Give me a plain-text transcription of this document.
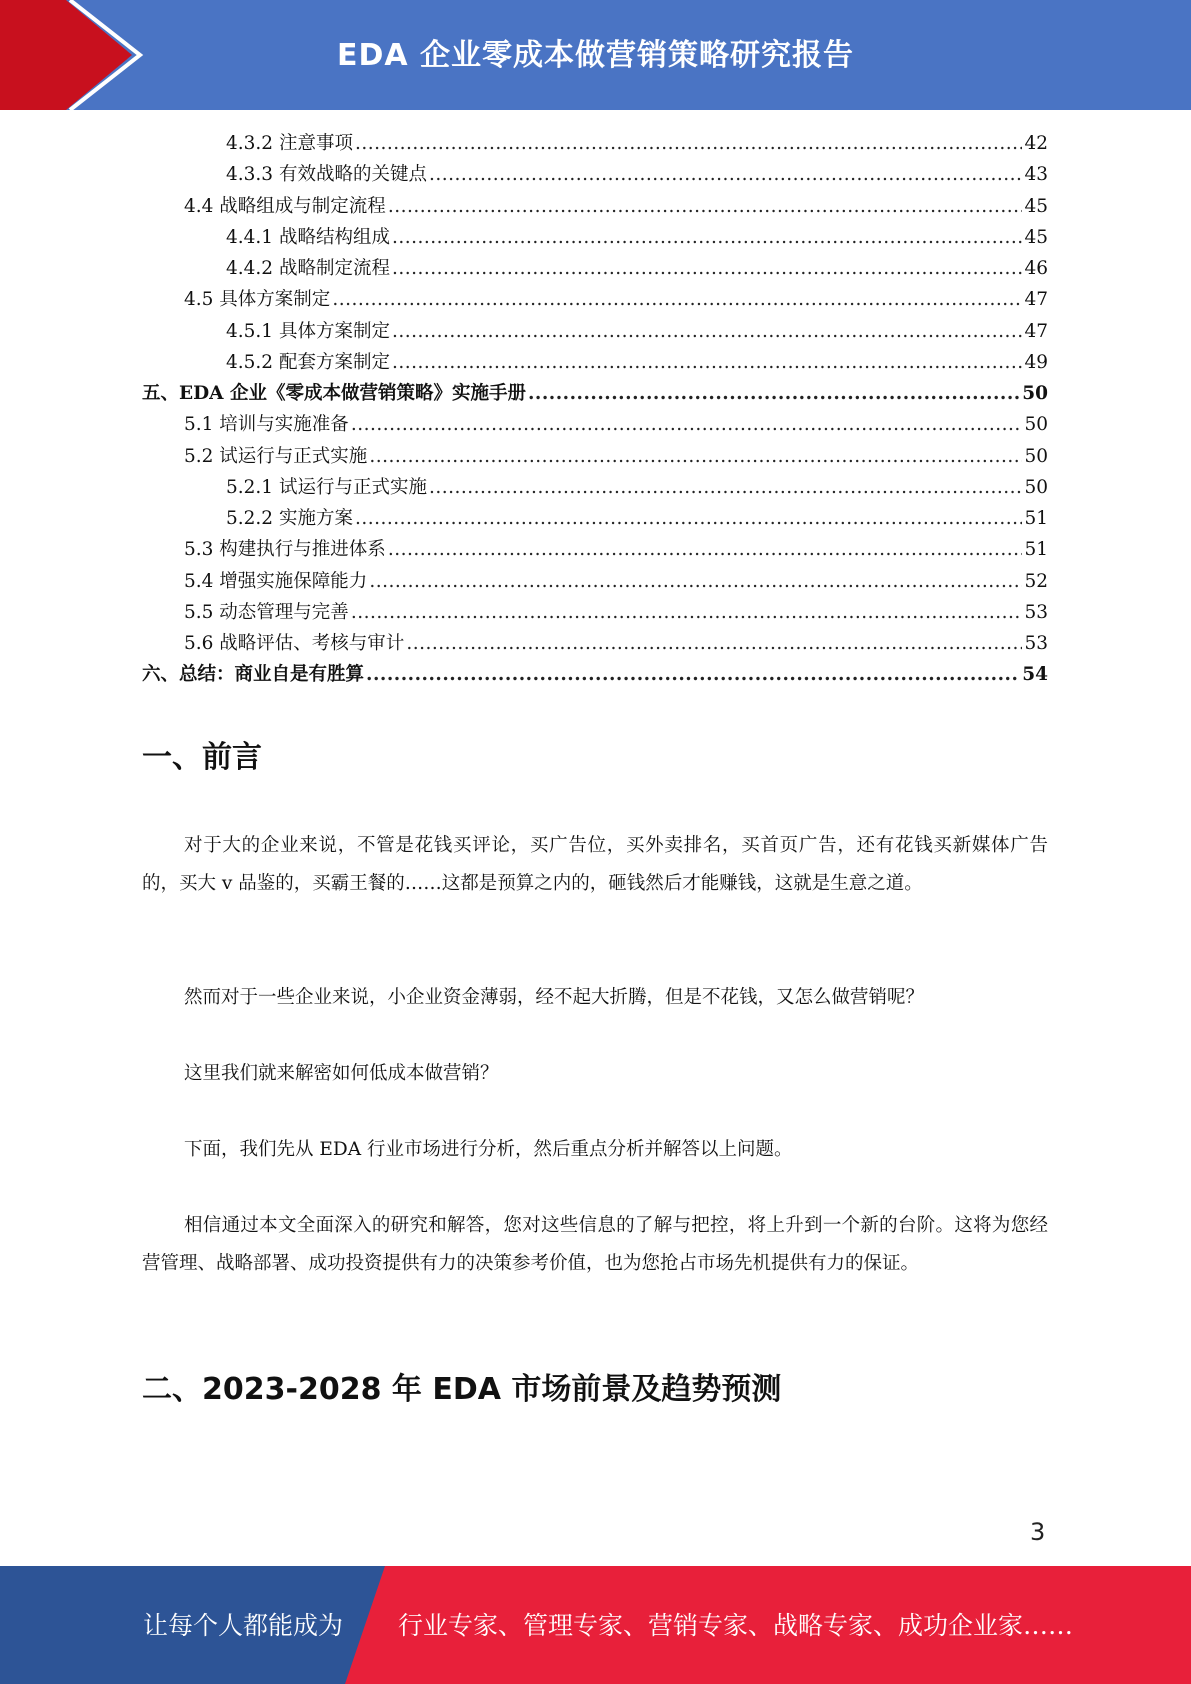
EDA 企业零成本做营销策略研究报告
4.3.2 注意事项 .....	42
4.3.3 有效战略的关键点 .....	43
4.4 战略组成与制定流程 .....	45
4.4.1 战略结构组成 .....	45
4.4.2 战略制定流程 .....	46
4.5 具体方案制定 .....	47
4.5.1 具体方案制定 .....	47
4.5.2 配套方案制定 .....	49
五、EDA 企业《零成本做营销策略》实施手册 .....	50
5.1 培训与实施准备 .....	50
5.2 试运行与正式实施 .....	50
5.2.1 试运行与正式实施 .....	50
5.2.2 实施方案 .....	51
5.3 构建执行与推进体系 .....	51
5.4 增强实施保障能力 .....	52
5.5 动态管理与完善 .....	53
5.6 战略评估、考核与审计 .....	53
六、总结：商业自是有胜算 .....	54
一、前言

对于大的企业来说，不管是花钱买评论，买广告位，买外卖排名，买首页广告，还有花钱买新媒体广告的，买大 v 品鉴的，买霸王餐的……这都是预算之内的，砸钱然后才能赚钱，这就是生意之道。

然而对于一些企业来说，小企业资金薄弱，经不起大折腾，但是不花钱，又怎么做营销呢？

这里我们就来解密如何低成本做营销？

下面，我们先从 EDA 行业市场进行分析，然后重点分析并解答以上问题。

相信通过本文全面深入的研究和解答，您对这些信息的了解与把控，将上升到一个新的台阶。这将为您经营管理、战略部署、成功投资提供有力的决策参考价值，也为您抢占市场先机提供有力的保证。

二、2023-2028 年 EDA 市场前景及趋势预测
3
让每个人都能成为 行业专家、管理专家、营销专家、战略专家、成功企业家……
